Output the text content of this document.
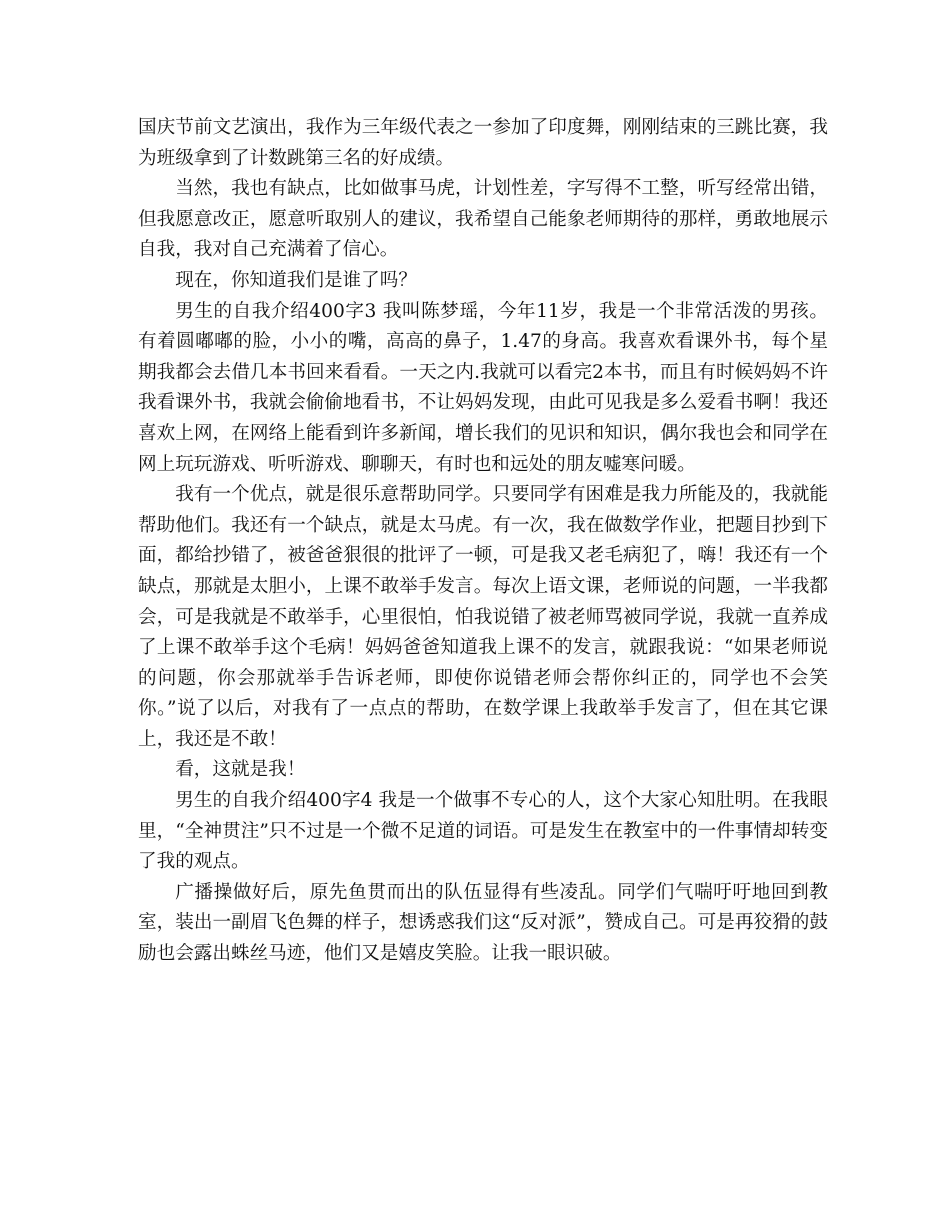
国庆节前文艺演出，我作为三年级代表之一参加了印度舞，刚刚结束的三跳比赛，我为班级拿到了计数跳第三名的好成绩。

当然，我也有缺点，比如做事马虎，计划性差，字写得不工整，听写经常出错，但我愿意改正，愿意听取别人的建议，我希望自己能象老师期待的那样，勇敢地展示自我，我对自己充满着了信心。

现在，你知道我们是谁了吗？

男生的自我介绍400字3 我叫陈梦瑶，今年11岁，我是一个非常活泼的男孩。有着圆嘟嘟的脸，小小的嘴，高高的鼻子，1.47的身高。我喜欢看课外书，每个星期我都会去借几本书回来看看。一天之内.我就可以看完2本书，而且有时候妈妈不许我看课外书，我就会偷偷地看书，不让妈妈发现，由此可见我是多么爱看书啊！我还喜欢上网，在网络上能看到许多新闻，增长我们的见识和知识，偶尔我也会和同学在网上玩玩游戏、听听游戏、聊聊天，有时也和远处的朋友嘘寒问暖。

我有一个优点，就是很乐意帮助同学。只要同学有困难是我力所能及的，我就能帮助他们。我还有一个缺点，就是太马虎。有一次，我在做数学作业，把题目抄到下面，都给抄错了，被爸爸狠很的批评了一顿，可是我又老毛病犯了，嗨！我还有一个缺点，那就是太胆小，上课不敢举手发言。每次上语文课，老师说的问题，一半我都会，可是我就是不敢举手，心里很怕，怕我说错了被老师骂被同学说，我就一直养成了上课不敢举手这个毛病！妈妈爸爸知道我上课不的发言，就跟我说：“如果老师说的问题，你会那就举手告诉老师，即使你说错老师会帮你纠正的，同学也不会笑你。”说了以后，对我有了一点点的帮助，在数学课上我敢举手发言了，但在其它课上，我还是不敢！

看，这就是我！

男生的自我介绍400字4 我是一个做事不专心的人，这个大家心知肚明。在我眼里，“全神贯注”只不过是一个微不足道的词语。可是发生在教室中的一件事情却转变了我的观点。

广播操做好后，原先鱼贯而出的队伍显得有些凌乱。同学们气喘吁吁地回到教室，装出一副眉飞色舞的样子，想诱惑我们这“反对派”，赞成自己。可是再狡猾的鼓励也会露出蛛丝马迹，他们又是嬉皮笑脸。让我一眼识破。
